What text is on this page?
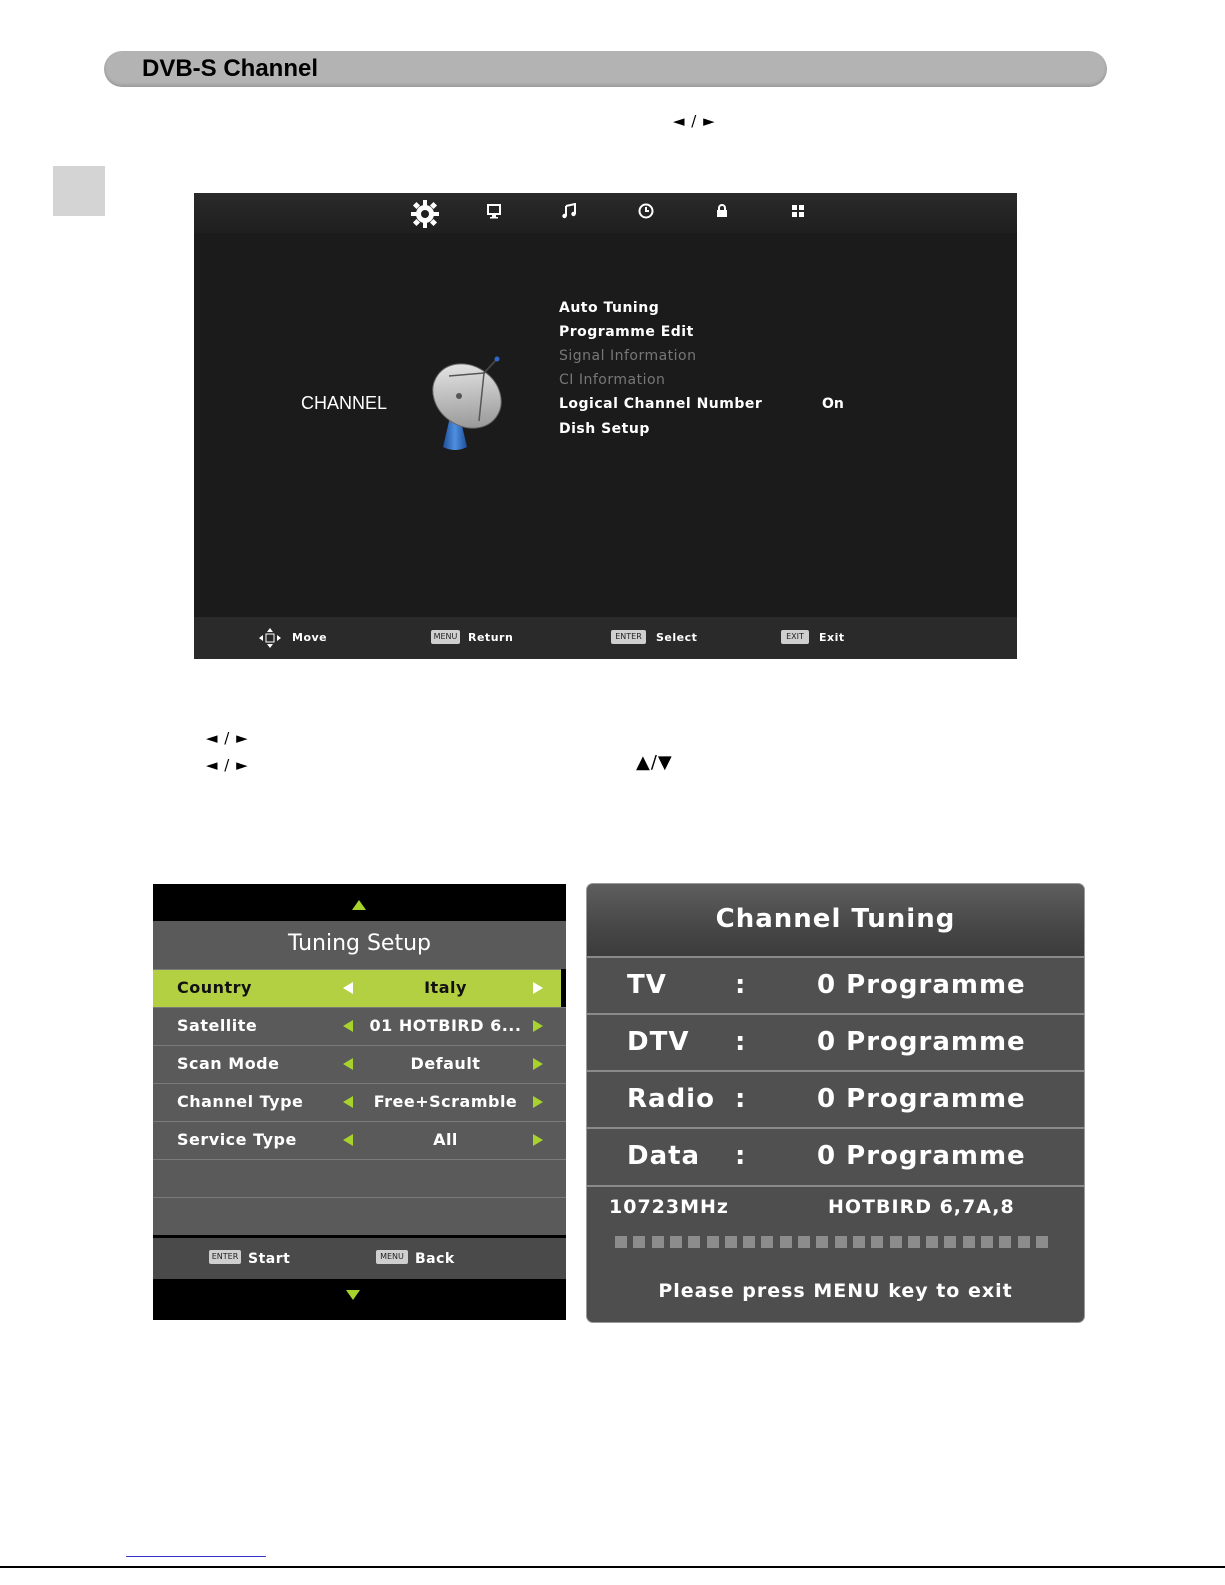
DVB-S Channel
◄ / ►
CHANNEL
Auto Tuning
Programme Edit
Signal Information
CI Information
Logical Channel Number	On
Dish Setup
Move	MENU Return	ENTER	Select	EXIT	Exit
◄ / ►
◄ / ►	▲/▼
Tuning Setup
Country	Italy
Satellite	01 HOTBIRD 6...
Scan Mode	Default
Channel Type	Free+Scramble
Service Type	All
ENTER Start	MENU Back
Channel Tuning
TV	:	0 Programme
DTV :	0 Programme
Radio :	0 Programme
Data :	0 Programme
10723MHz	HOTBIRD 6,7A,8
Please press MENU key to exit
